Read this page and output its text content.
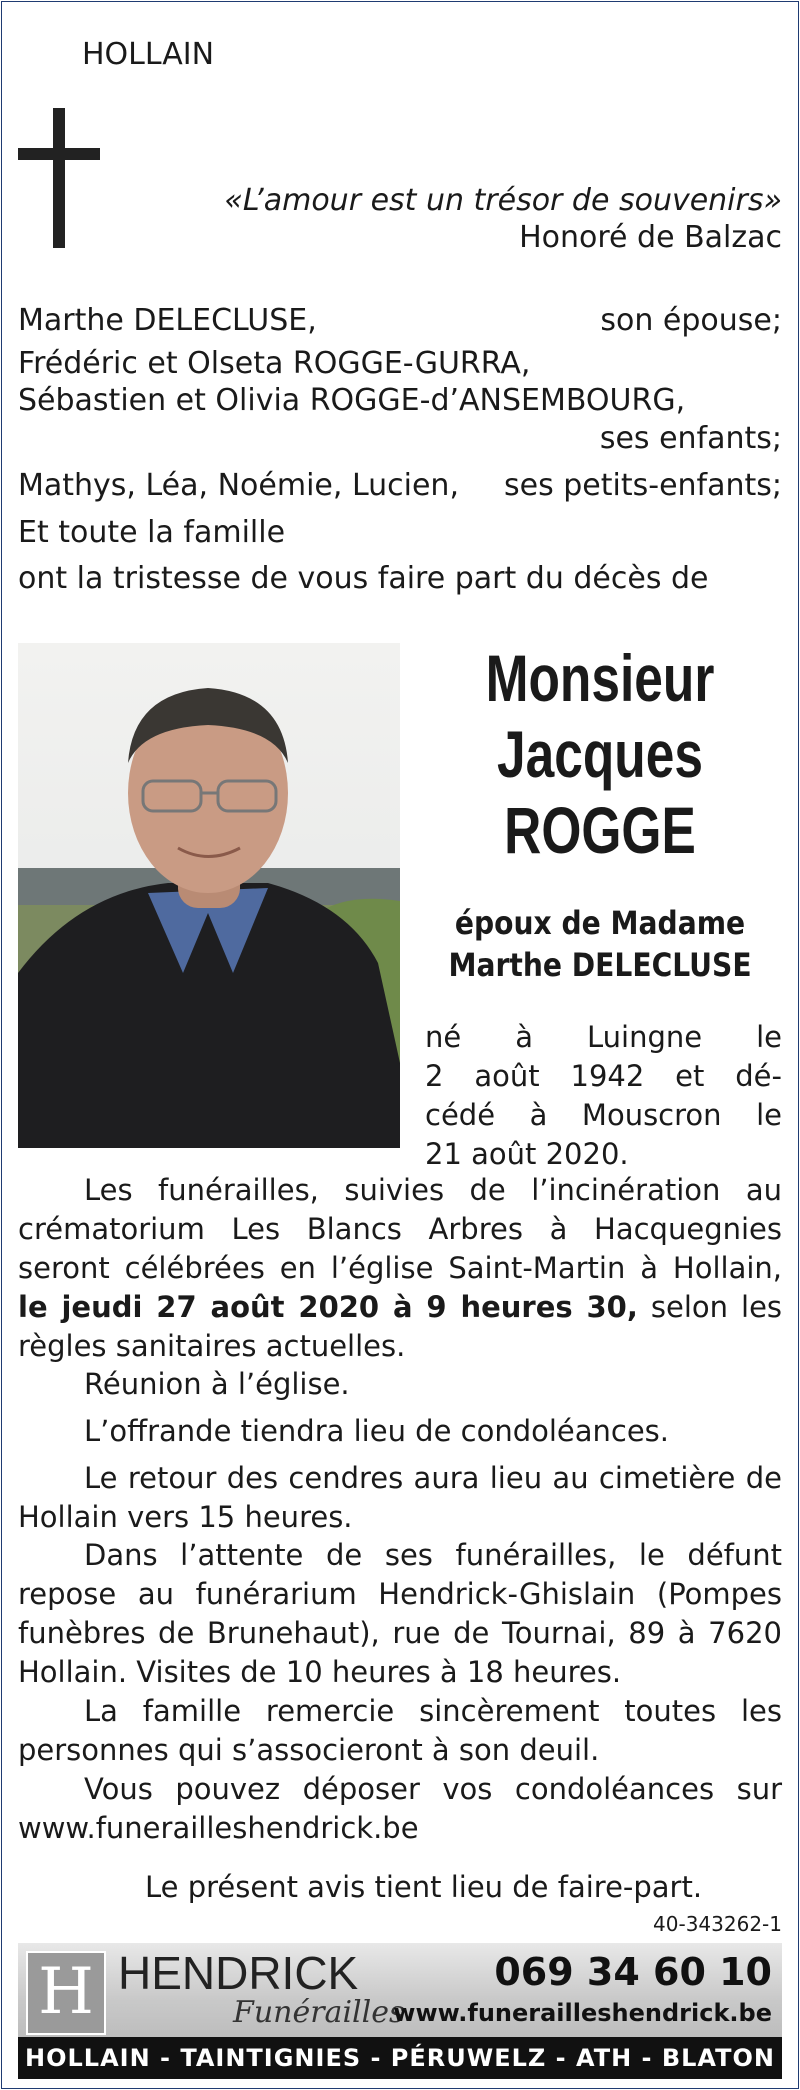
HOLLAIN
«L’amour est un trésor de souvenirs»
Honoré de Balzac
Marthe DELECLUSE,	son épouse;
Frédéric et Olseta ROGGE-GURRA,
Sébastien et Olivia ROGGE-d’ANSEMBOURG,
ses enfants;
Mathys, Léa, Noémie, Lucien, ses petits-enfants;
Et toute la famille
ont la tristesse de vous faire part du décès de
Monsieur
Jacques
ROGGE
époux de Madame
Marthe DELECLUSE
né à Luingne le
2 août 1942 et dé-
cédé à Mouscron le
21 août 2020.
Les funérailles, suivies de l’incinération au crématorium Les Blancs Arbres à Hacquegnies seront célébrées en l’église Saint-Martin à Hollain, le jeudi 27 août 2020 à 9 heures 30, selon les règles sanitaires actuelles.
Réunion à l’église.
L’offrande tiendra lieu de condoléances.
Le retour des cendres aura lieu au cimetière de Hollain vers 15 heures.
Dans l’attente de ses funérailles, le défunt repose au funérarium Hendrick-Ghislain (Pompes funèbres de Brunehaut), rue de Tournai, 89 à 7620 Hollain. Visites de 10 heures à 18 heures.
La famille remercie sincèrement toutes les personnes qui s’associeront à son deuil.
Vous pouvez déposer vos condoléances sur www.funerailleshendrick.be
Le présent avis tient lieu de faire-part.
40-343262-1
H HENDRICK
Funérailles
069 34 60 10
www.funerailleshendrick.be
HOLLAIN - TAINTIGNIES - PÉRUWELZ - ATH - BLATON
